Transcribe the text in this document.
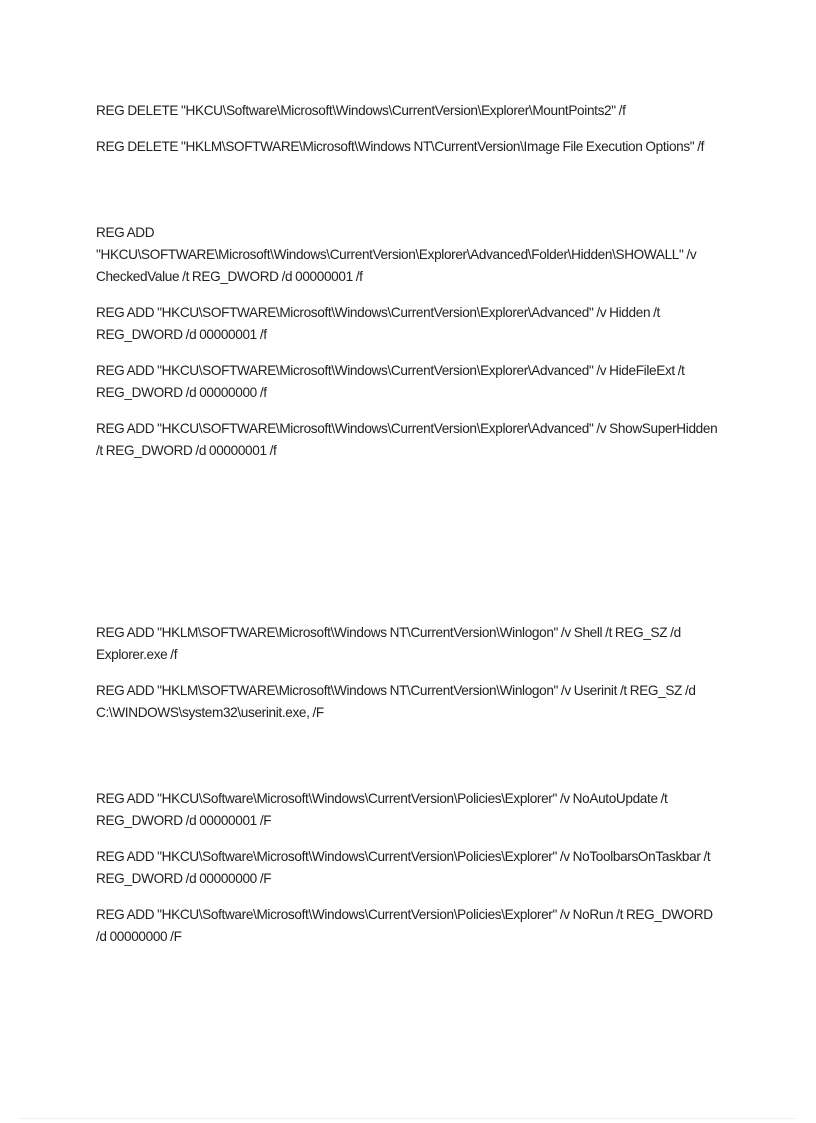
REG DELETE "HKCU\Software\Microsoft\Windows\CurrentVersion\Explorer\MountPoints2" /f

REG DELETE "HKLM\SOFTWARE\Microsoft\Windows NT\CurrentVersion\Image File Execution Options" /f

REG ADD "HKCU\SOFTWARE\Microsoft\Windows\CurrentVersion\Explorer\Advanced\Folder\Hidden\SHOWALL" /v CheckedValue /t REG_DWORD /d 00000001 /f

REG ADD "HKCU\SOFTWARE\Microsoft\Windows\CurrentVersion\Explorer\Advanced" /v Hidden /t REG_DWORD /d 00000001 /f

REG ADD "HKCU\SOFTWARE\Microsoft\Windows\CurrentVersion\Explorer\Advanced" /v HideFileExt /t REG_DWORD /d 00000000 /f

REG ADD "HKCU\SOFTWARE\Microsoft\Windows\CurrentVersion\Explorer\Advanced" /v ShowSuperHidden /t REG_DWORD /d 00000001 /f

REG ADD "HKLM\SOFTWARE\Microsoft\Windows NT\CurrentVersion\Winlogon" /v Shell /t REG_SZ /d Explorer.exe /f

REG ADD "HKLM\SOFTWARE\Microsoft\Windows NT\CurrentVersion\Winlogon" /v Userinit /t REG_SZ /d C:\WINDOWS\system32\userinit.exe, /F

REG ADD "HKCU\Software\Microsoft\Windows\CurrentVersion\Policies\Explorer" /v NoAutoUpdate /t REG_DWORD /d 00000001 /F

REG ADD "HKCU\Software\Microsoft\Windows\CurrentVersion\Policies\Explorer" /v NoToolbarsOnTaskbar /t REG_DWORD /d 00000000 /F

REG ADD "HKCU\Software\Microsoft\Windows\CurrentVersion\Policies\Explorer" /v NoRun /t REG_DWORD /d 00000000 /F
